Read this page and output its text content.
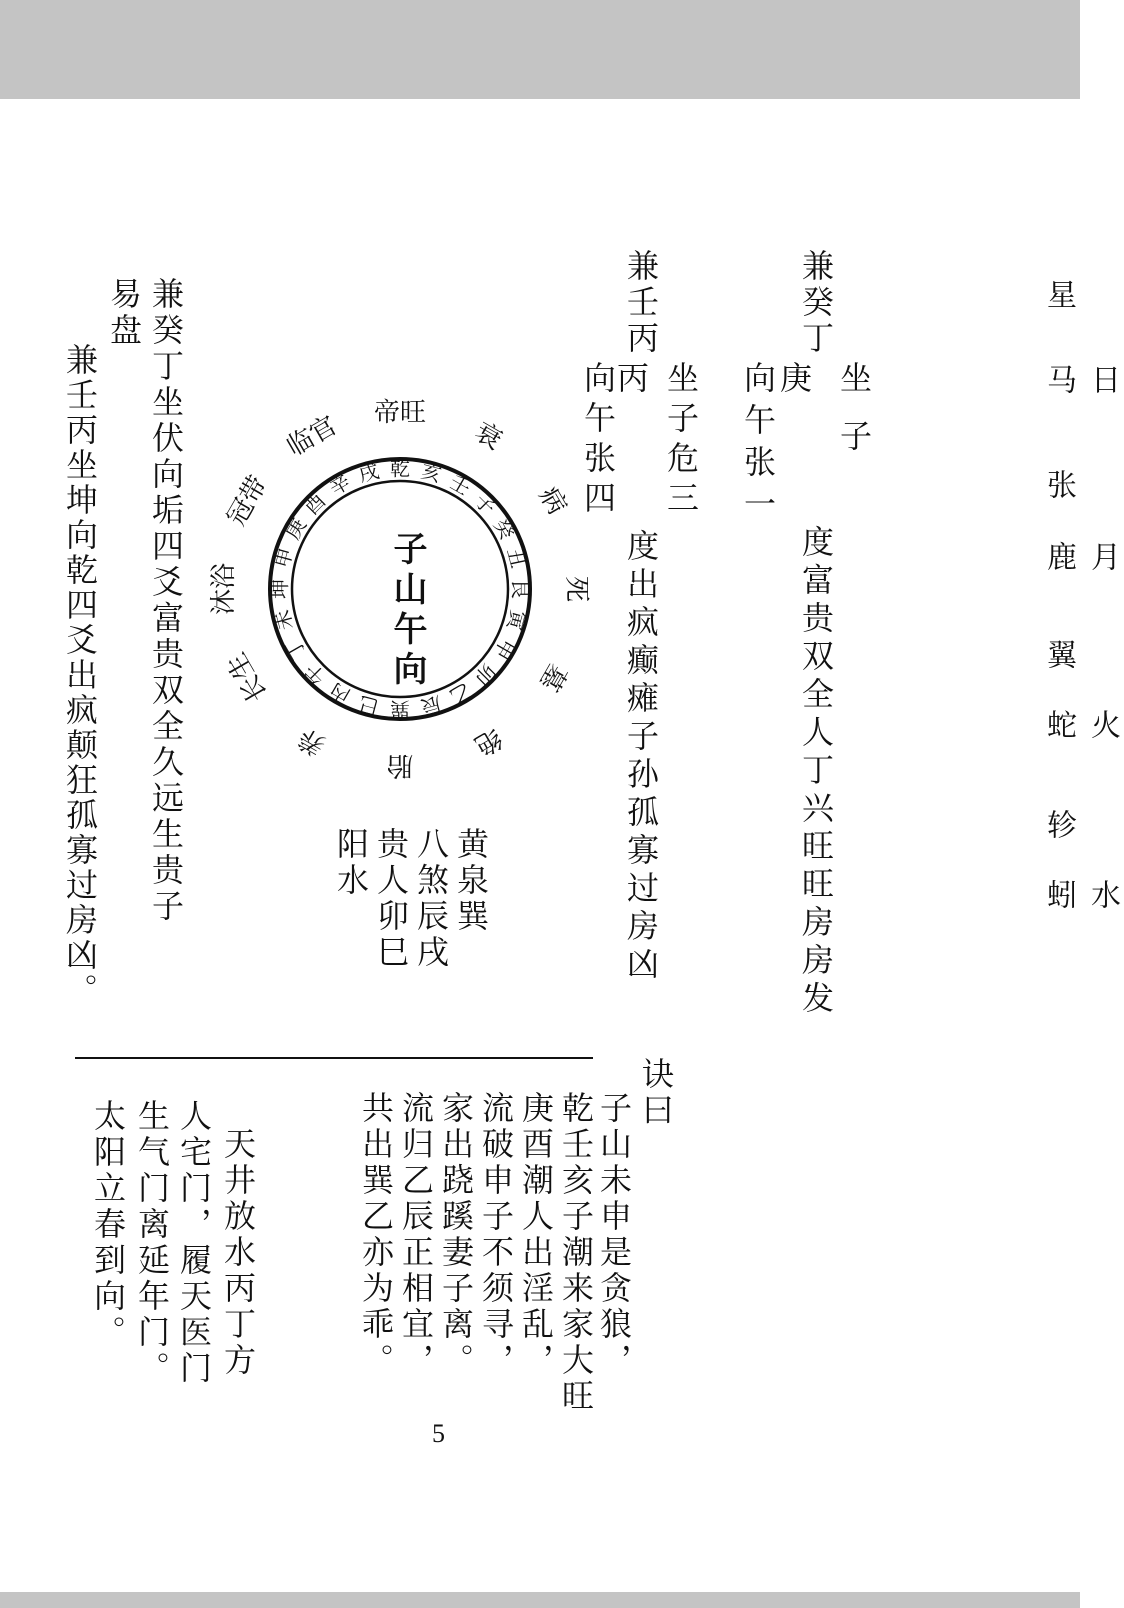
兼癸丁
坐子
庚
向午张一
度富贵双全人丁兴旺旺房房发
兼壬丙
坐子危三
丙
向午张四
度出疯癫瘫子孙孤寡过房凶
黄泉巽
八煞辰戌
贵人卯巳
阳水
兼癸丁坐伏向垢四爻富贵双全久远生贵子
易盘
兼壬丙坐坤向乾四爻出疯颠狂孤寡过房凶。	亥 壬
子
癸
丑
艮
寅
甲
卯
乙
辰
巽
巳
丙
午
丁
未
坤
申
庚
酉
辛 戌 乾
帝旺
衰
病
死
墓
绝
胎
养
长生
沐浴
冠带
临官
子山午向
诀曰
子山未申是贪狼，
乾壬亥子潮来家大旺
庚酉潮人出淫乱，
流破申子不须寻，
家出跷蹊妻子离。
流归乙辰正相宜，
共出巽乙亦为乖。
天井放水丙丁方
人宅门，履天医门
生气门离延年门。
太阳立春到向。
5
星
日马
张
月鹿
翼
火蛇
轸
水蚓
